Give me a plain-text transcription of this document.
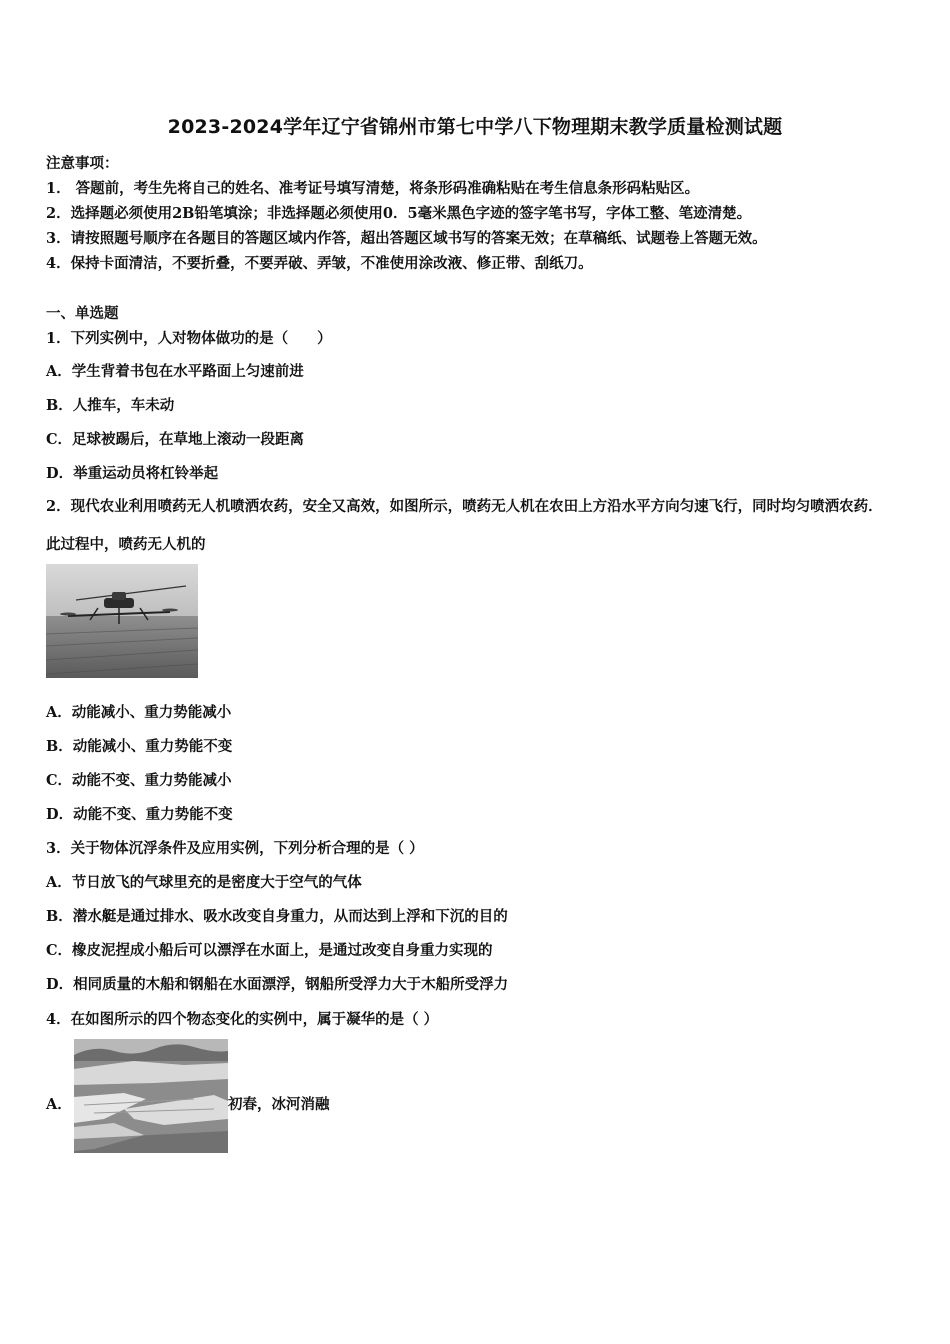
2023-2024学年辽宁省锦州市第七中学八下物理期末教学质量检测试题
注意事项：
1． 答题前，考生先将自己的姓名、准考证号填写清楚，将条形码准确粘贴在考生信息条形码粘贴区。
2．选择题必须使用2B铅笔填涂；非选择题必须使用0．5毫米黑色字迹的签字笔书写，字体工整、笔迹清楚。
3．请按照题号顺序在各题目的答题区域内作答，超出答题区域书写的答案无效；在草稿纸、试题卷上答题无效。
4．保持卡面清洁，不要折叠，不要弄破、弄皱，不准使用涂改液、修正带、刮纸刀。
一、单选题
1．下列实例中，人对物体做功的是（　　）
A．学生背着书包在水平路面上匀速前进
B．人推车，车未动
C．足球被踢后，在草地上滚动一段距离
D．举重运动员将杠铃举起
2．现代农业利用喷药无人机喷洒农药，安全又高效，如图所示，喷药无人机在农田上方沿水平方向匀速飞行，同时均匀喷洒农药．此过程中，喷药无人机的
A．动能减小、重力势能减小
B．动能减小、重力势能不变
C．动能不变、重力势能减小
D．动能不变、重力势能不变
3．关于物体沉浮条件及应用实例，下列分析合理的是（ ）
A．节日放飞的气球里充的是密度大于空气的气体
B．潜水艇是通过排水、吸水改变自身重力，从而达到上浮和下沉的目的
C．橡皮泥捏成小船后可以漂浮在水面上，是通过改变自身重力实现的
D．相同质量的木船和钢船在水面漂浮，钢船所受浮力大于木船所受浮力
4．在如图所示的四个物态变化的实例中，属于凝华的是（ ）
A．	初春，冰河消融
